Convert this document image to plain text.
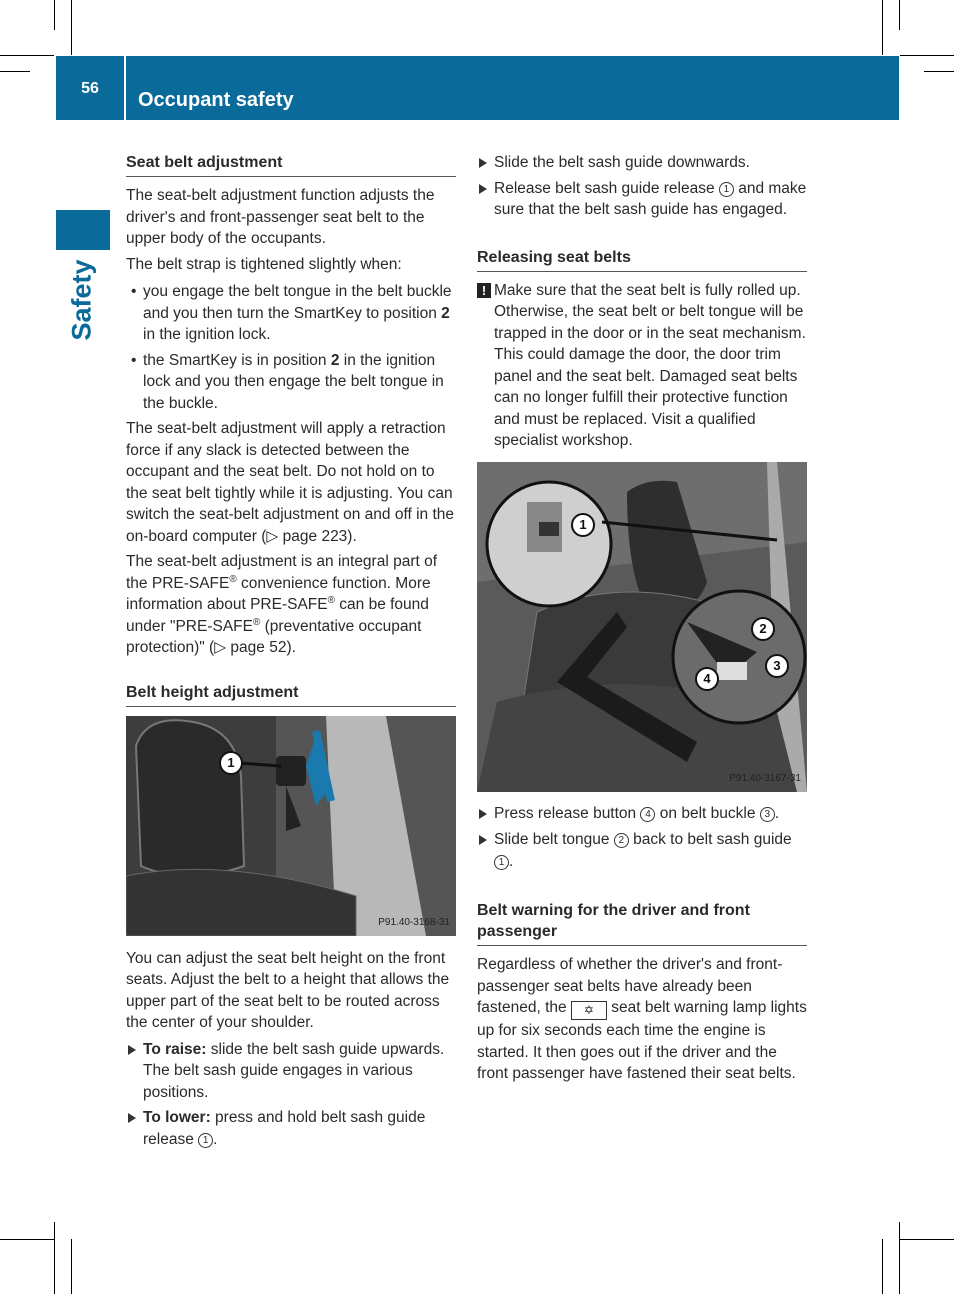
56
Occupant safety
Safety
Seat belt adjustment

The seat-belt adjustment function adjusts the driver's and front-passenger seat belt to the upper body of the occupants.

The belt strap is tightened slightly when:

• you engage the belt tongue in the belt buckle and you then turn the SmartKey to position 2 in the ignition lock.
• the SmartKey is in position 2 in the ignition lock and you then engage the belt tongue in the buckle.

The seat-belt adjustment will apply a retraction force if any slack is detected between the occupant and the seat belt. Do not hold on to the seat belt tightly while it is adjusting. You can switch the seat-belt adjustment on and off in the on-board computer (▷ page 223).

The seat-belt adjustment is an integral part of the PRE-SAFE® convenience function. More information about PRE-SAFE® can be found under "PRE-SAFE® (preventative occupant protection)" (▷ page 52).

Belt height adjustment
1
P91.40-3168-31

You can adjust the seat belt height on the front seats. Adjust the belt to a height that allows the upper part of the seat belt to be routed across the center of your shoulder.

To raise: slide the belt sash guide upwards. The belt sash guide engages in various positions.
To lower: press and hold belt sash guide release 1 .
Slide the belt sash guide downwards.
Release belt sash guide release 1 and make sure that the belt sash guide has engaged.
Releasing seat belts
! Make sure that the seat belt is fully rolled up. Otherwise, the seat belt or belt tongue will be trapped in the door or in the seat mechanism. This could damage the door, the door trim panel and the seat belt. Damaged seat belts can no longer fulfill their protective function and must be replaced. Visit a qualified specialist workshop.
1
2
3
4
P91.40-3167-31
Press release button 4 on belt buckle 3 .
Slide belt tongue 2 back to belt sash guide 1 .
Belt warning for the driver and front passenger

Regardless of whether the driver's and front-passenger seat belts have already been fastened, the ✡ seat belt warning lamp lights up for six seconds each time the engine is started. It then goes out if the driver and the front passenger have fastened their seat belts.
